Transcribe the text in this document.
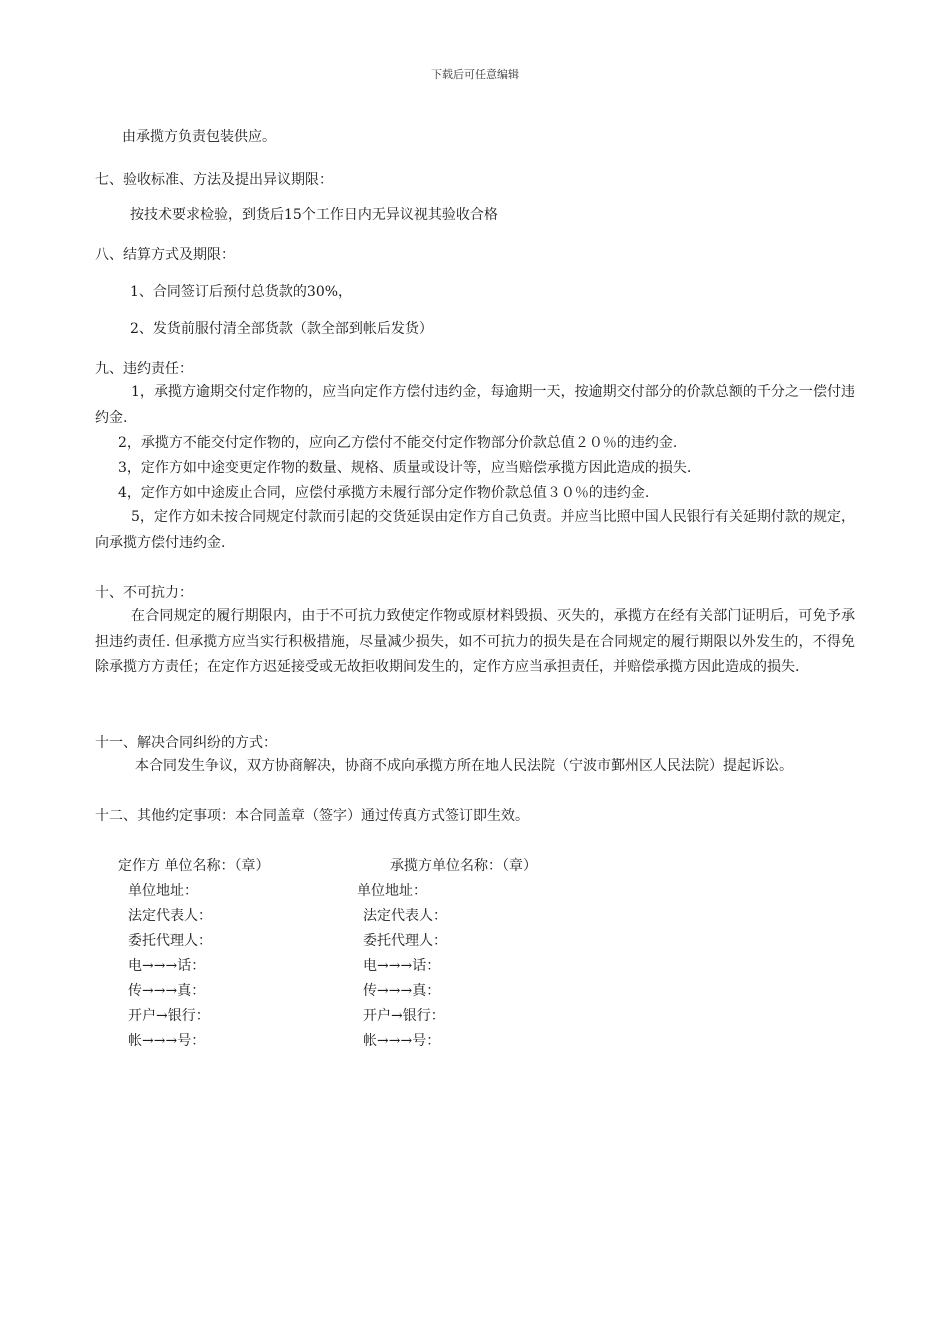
下载后可任意编辑
由承揽方负责包装供应。
七、验收标准、方法及提出异议期限：
按技术要求检验，到货后15个工作日内无异议视其验收合格
八、结算方式及期限：
1、合同签订后预付总货款的30%，
2、发货前服付清全部货款（款全部到帐后发货）
九、违约责任：
1，承揽方逾期交付定作物的，应当向定作方偿付违约金，每逾期一天，按逾期交付部分的价款总额的千分之一偿付违约金.
2，承揽方不能交付定作物的，应向乙方偿付不能交付定作物部分价款总值２０％的违约金.
3，定作方如中途变更定作物的数量、规格、质量或设计等，应当赔偿承揽方因此造成的损失.
4，定作方如中途废止合同，应偿付承揽方未履行部分定作物价款总值３０％的违约金.
5，定作方如未按合同规定付款而引起的交货延误由定作方自己负责。并应当比照中国人民银行有关延期付款的规定，向承揽方偿付违约金.
十、不可抗力：
在合同规定的履行期限内，由于不可抗力致使定作物或原材料毁损、灭失的，承揽方在经有关部门证明后，可免予承担违约责任. 但承揽方应当实行积极措施，尽量减少损失，如不可抗力的损失是在合同规定的履行期限以外发生的，不得免除承揽方方责任；在定作方迟延接受或无故拒收期间发生的，定作方应当承担责任，并赔偿承揽方因此造成的损失.
十一、解决合同纠纷的方式：
本合同发生争议，双方协商解决，协商不成向承揽方所在地人民法院（宁波市鄞州区人民法院）提起诉讼。
十二、其他约定事项：本合同盖章（签字）通过传真方式签订即生效。
定作方 单位名称：（章）
单位地址：
法定代表人：
委托代理人：
电→→→话：
传→→→真：
开户→银行：
帐→→→号：
承揽方单位名称：（章）
单位地址：
法定代表人：
委托代理人：
电→→→话：
传→→→真：
开户→银行：
帐→→→号：
